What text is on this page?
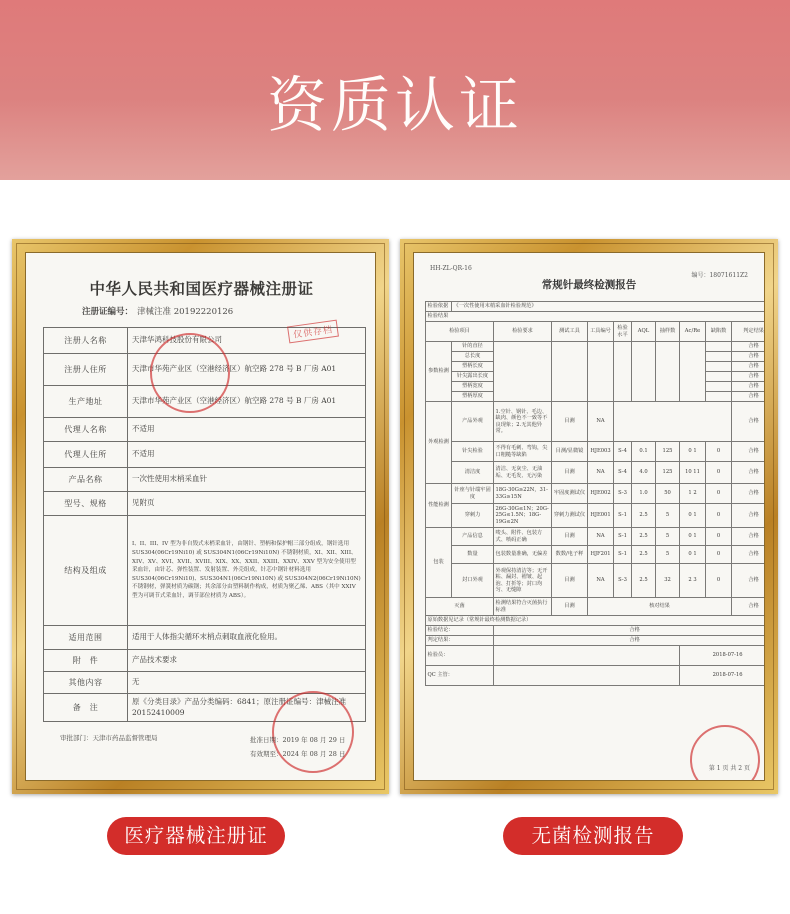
资质认证
中华人民共和国医疗器械注册证
注册证编号： 津械注准 20192220126
注册人名称	天津华鸿科技股份有限公司
注册人住所	天津市华苑产业区（空港经济区）航空路 278 号 B 厂房 A01
生产地址	天津市华苑产业区（空港经济区）航空路 278 号 B 厂房 A01
代理人名称	不适用
代理人住所	不适用
产品名称	一次性使用末梢采血针
型号、规格	见附页
结构及组成	I、II、III、IV 型为非自毁式末梢采血针，由钢针、塑柄和保护帽三部分组成，钢针选用 SUS304(06Cr19Ni10) 或 SUS304N1(06Cr19Ni10N) 不锈钢材质，XI、XII、XIII、XIV、XV、XVI、XVII、XVIII、XIX、XX、XXII、XXIII、XXIV、XXV 型为安全使用型采血针，由针芯、弹性装置、发射装置、外壳组成，针芯中钢针材料选用 SUS304(06Cr19Ni10)、SUS304N1(06Cr19Ni10N) 或 SUS304N2(06Cr19Ni10N) 不锈钢材，弹簧材质为碳钢；其余部分由塑料制作构成，材质为聚乙烯、ABS（其中 XXIV 型为可调节式采血针，调节部位材质为 ABS）。
适用范围	适用于人体指尖循环末梢点刺取血液化验用。
附　件	产品技术要求
其他内容	无
备　注	原《分类目录》产品分类编码：6841；原注册证编号：津械注准 20152410009
仅供存档
审批部门：天津市药品监督管理局	批准日期：2019 年 08 月 29 日
有效期至：2024 年 08 月 28 日
HH-ZL-QR-16
编号：18071611Z2
常规针最终检测报告
检验依据	《一次性使用末梢采血针检验规范》									
检验结果										
检验项目		检验要求	测试工具	工具编号	检验水平	AQL	抽样数	Ac/Re	缺陷数	判定结果
参数检测	针的直径									合格
	总长度									合格
	塑柄长度									合格
	针尖露出长度									合格
	塑柄宽度									合格
	塑柄厚度									合格
外观检测	产品外观	1.空针、钢针、毛边、缺肉、颜色不一致等不良现象；2.无其他异常。	目测	NA						合格
	针尖检验	不得有毛刺、弯钩，尖口粗糙等缺陷	目测/显微镜	HJE003	S-4	0.1	125	0 1	0	合格
	清洁度	清洁、无灰尘、无油垢、无毛发、无污染	目测	NA	S-4	4.0	125	10 11	0	合格
性能检测	针座与针端牢固度	18G-30G≥22N，31-33G≥15N	牢固度测试仪	HJE002	S-3	1.0	50	1 2	0	合格
	穿刺力	26G-30G≤1N；20G-25G≤1.5N；18G-19G≤2N	穿刺力测试仪	HJE001	S-1	2.5	5	0 1	0	合格
包装	产品信息	唛头、附件、包装方式、喷码正确	目测	NA	S-1	2.5	5	0 1	0	合格
	数量	包装数量准确，无偏差	数数/电子秤	HJF201	S-1	2.5	5	0 1	0	合格
	封口外观	外观保持清洁等；无开粘、漏封、褶皱、起泡、打折等；封口均匀、无缝隙	目测	NA	S-3	2.5	32	2 3	0	合格
灭菌		检测结果符合灭菌执行标准	目测	核对结果						合格
原始数据见记录（常规针最终检测数据记录）										
检验结论：		合格								
判定结果：		合格								
检验员：								2018-07-16		
QC 主管：								2018-07-16		
第 1 页 共 2 页
医疗器械注册证	无菌检测报告
